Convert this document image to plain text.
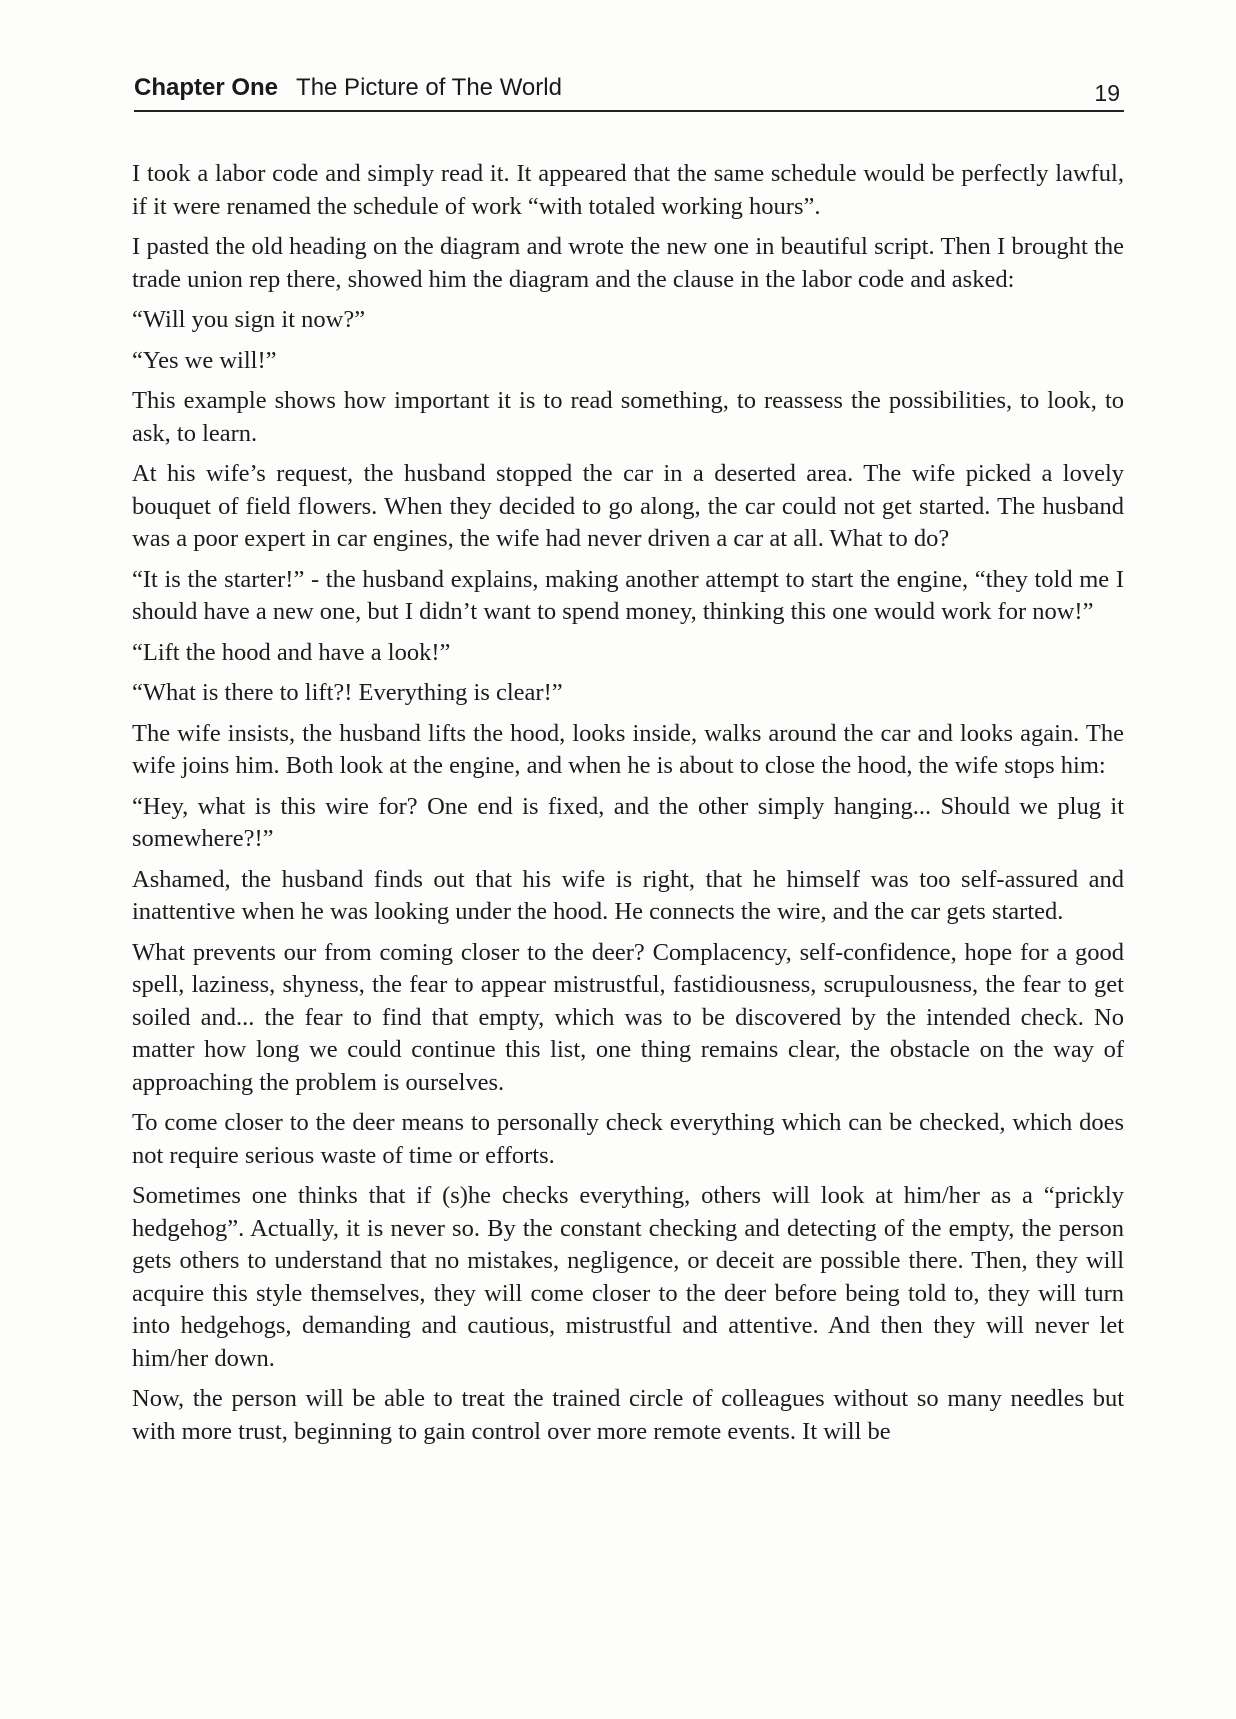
Chapter One The Picture of The World	19

I took a labor code and simply read it. It appeared that the same schedule would be perfectly lawful, if it were renamed the schedule of work “with totaled working hours”.

I pasted the old heading on the diagram and wrote the new one in beautiful script. Then I brought the trade union rep there, showed him the diagram and the clause in the labor code and asked:

“Will you sign it now?”

“Yes we will!”

This example shows how important it is to read something, to reassess the possibilities, to look, to ask, to learn.

At his wife’s request, the husband stopped the car in a deserted area. The wife picked a lovely bouquet of field flowers. When they decided to go along, the car could not get started. The husband was a poor expert in car engines, the wife had never driven a car at all. What to do?

“It is the starter!” - the husband explains, making another attempt to start the engine, “they told me I should have a new one, but I didn’t want to spend money, thinking this one would work for now!”

“Lift the hood and have a look!”

“What is there to lift?! Everything is clear!”

The wife insists, the husband lifts the hood, looks inside, walks around the car and looks again. The wife joins him. Both look at the engine, and when he is about to close the hood, the wife stops him:

“Hey, what is this wire for? One end is fixed, and the other simply hanging... Should we plug it somewhere?!”

Ashamed, the husband finds out that his wife is right, that he himself was too self-assured and inattentive when he was looking under the hood. He connects the wire, and the car gets started.

What prevents our from coming closer to the deer? Complacency, self-confidence, hope for a good spell, laziness, shyness, the fear to appear mistrustful, fastidiousness, scrupulousness, the fear to get soiled and... the fear to find that empty, which was to be discovered by the intended check. No matter how long we could continue this list, one thing remains clear, the obstacle on the way of approaching the problem is ourselves.

To come closer to the deer means to personally check everything which can be checked, which does not require serious waste of time or efforts.

Sometimes one thinks that if (s)he checks everything, others will look at him/her as a “prickly hedgehog”. Actually, it is never so. By the constant checking and detecting of the empty, the person gets others to understand that no mistakes, negligence, or deceit are possible there. Then, they will acquire this style themselves, they will come closer to the deer before being told to, they will turn into hedgehogs, demanding and cautious, mistrustful and attentive. And then they will never let him/her down.

Now, the person will be able to treat the trained circle of colleagues without so many needles but with more trust, beginning to gain control over more remote events. It will be
